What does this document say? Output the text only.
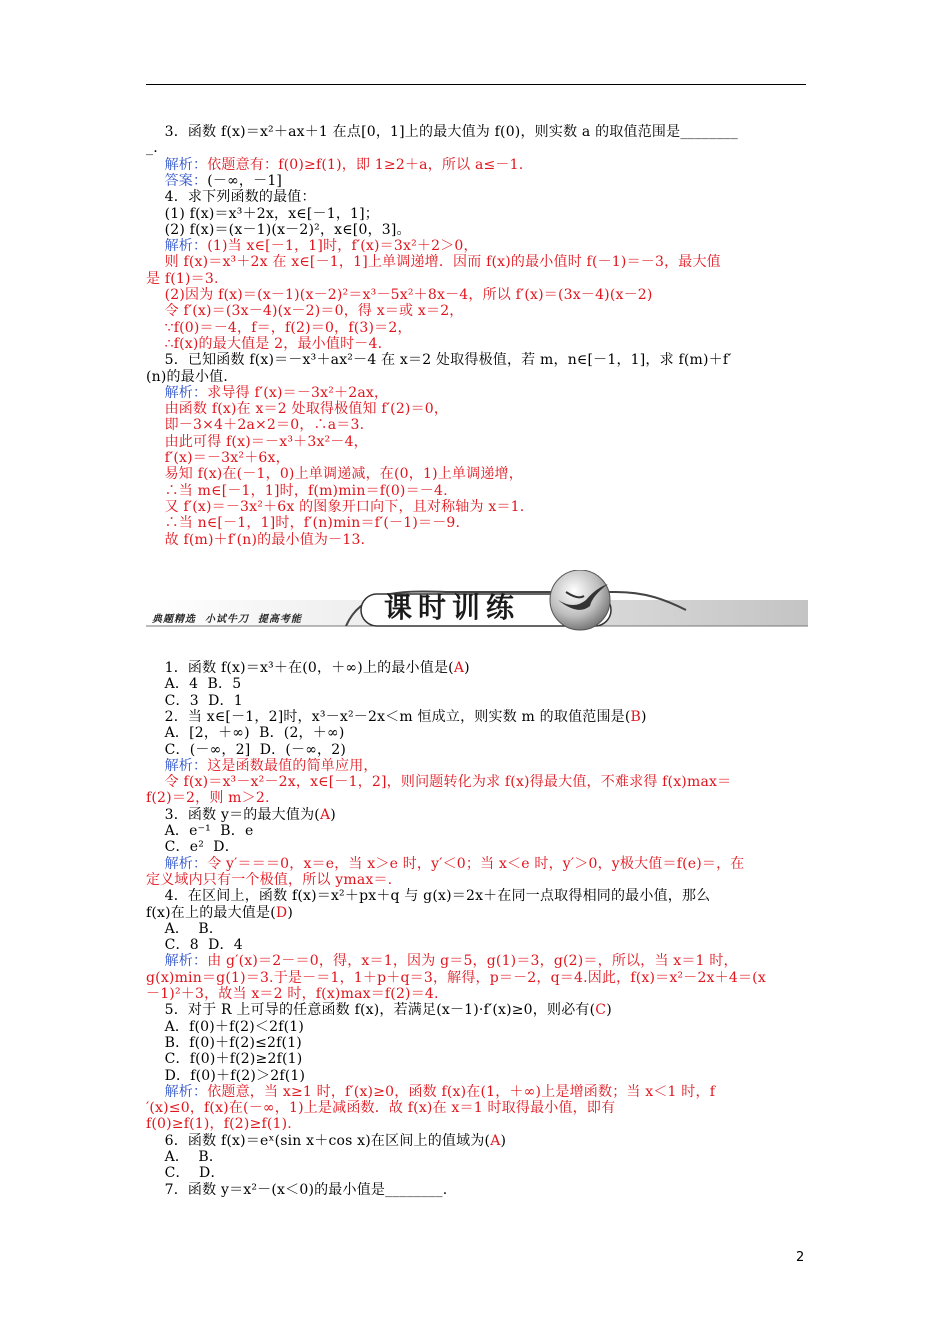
3．函数 f(x)＝x²＋ax＋1 在点[0，1]上的最大值为 f(0)，则实数 a 的取值范围是________
_.
解析：依题意有：f(0)≥f(1)，即 1≥2＋a，所以 a≤－1.
答案：(－∞，－1]
4．求下列函数的最值：
(1) f(x)＝x³＋2x，x∈[－1，1]；
(2) f(x)＝(x－1)(x－2)²，x∈[0，3]。
解析：(1)当 x∈[－1，1]时，f′(x)＝3x²＋2＞0，
则 f(x)＝x³＋2x 在 x∈[－1，1]上单调递增．因而 f(x)的最小值时 f(－1)＝－3，最大值
是 f(1)＝3.
(2)因为 f(x)＝(x－1)(x－2)²＝x³－5x²＋8x－4，所以 f′(x)＝(3x－4)(x－2)
令 f′(x)＝(3x－4)(x－2)＝0，得 x＝或 x＝2，
∵f(0)＝－4，f＝，f(2)＝0，f(3)＝2，
∴f(x)的最大值是 2，最小值时－4.
5．已知函数 f(x)＝－x³＋ax²－4 在 x＝2 处取得极值，若 m，n∈[－1，1]，求 f(m)＋f′
(n)的最小值．
解析：求导得 f′(x)＝－3x²＋2ax，
由函数 f(x)在 x＝2 处取得极值知 f′(2)＝0，
即－3×4＋2a×2＝0，∴a＝3.
由此可得 f(x)＝－x³＋3x²－4，
f′(x)＝－3x²＋6x，
易知 f(x)在(－1，0)上单调递减，在(0，1)上单调递增，
∴当 m∈[－1，1]时，f(m)min＝f(0)＝－4.
又 f′(x)＝－3x²＋6x 的图象开口向下，且对称轴为 x＝1.
∴当 n∈[－1，1]时，f′(n)min＝f′(－1)＝－9.
故 f(m)＋f′(n)的最小值为－13.
1．函数 f(x)＝x³＋在(0，＋∞)上的最小值是(A)
A．4  B．5
C．3  D．1
2．当 x∈[－1，2]时，x³－x²－2x＜m 恒成立，则实数 m 的取值范围是(B)
A．[2，＋∞)  B．(2，＋∞)
C．(－∞，2]  D．(－∞，2)
解析：这是函数最值的简单应用，
令 f(x)＝x³－x²－2x，x∈[－1，2]，则问题转化为求 f(x)得最大值，不难求得 f(x)max＝
f(2)＝2，则 m＞2.
3．函数 y＝的最大值为(A)
A．e⁻¹  B．e
C．e²  D．
解析：令 y′＝＝＝0，x＝e，当 x＞e 时，y′＜0；当 x＜e 时，y′＞0，y极大值＝f(e)＝，在
定义域内只有一个极值，所以 ymax＝.
4．在区间上，函数 f(x)＝x²＋px＋q 与 g(x)＝2x＋在同一点取得相同的最小值，那么
f(x)在上的最大值是(D)
A．  B．
C．8  D．4
解析：由 g′(x)＝2－＝0，得，x＝1，因为 g＝5，g(1)＝3，g(2)＝，所以，当 x＝1 时，
g(x)min＝g(1)＝3.于是－＝1，1＋p＋q＝3，解得，p＝－2，q＝4.因此，f(x)＝x²－2x＋4＝(x
－1)²＋3，故当 x＝2 时，f(x)max＝f(2)＝4.
5．对于 R 上可导的任意函数 f(x)，若满足(x－1)·f′(x)≥0，则必有(C)
A．f(0)＋f(2)＜2f(1)
B．f(0)＋f(2)≤2f(1)
C．f(0)＋f(2)≥2f(1)
D．f(0)＋f(2)＞2f(1)
解析：依题意，当 x≥1 时，f′(x)≥0，函数 f(x)在(1，＋∞)上是增函数；当 x＜1 时，f
′(x)≤0，f(x)在(－∞，1)上是减函数．故 f(x)在 x＝1 时取得最小值，即有
f(0)≥f(1)，f(2)≥f(1).
6．函数 f(x)＝eˣ(sin x＋cos x)在区间上的值域为(A)
A．  B．
C．  D．
7．函数 y＝x²－(x＜0)的最小值是________.
典题精选  小试牛刀  提高考能	课时训练
2
